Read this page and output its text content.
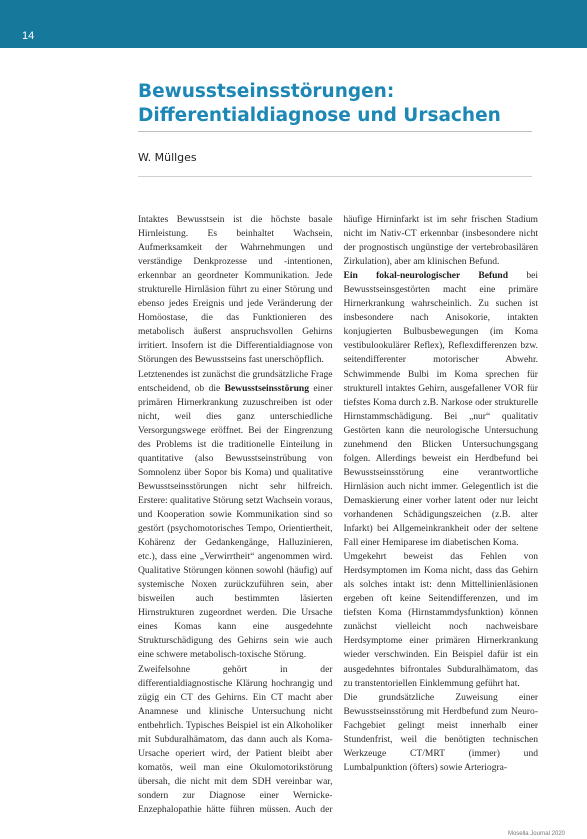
14
Bewusstseinsstörungen:
Differentialdiagnose und Ursachen
W. Müllges

Intaktes Bewusstsein ist die höchste basale Hirnleistung. Es beinhaltet Wachsein, Aufmerksamkeit der Wahrnehmungen und verständige Denkprozesse und -intentionen, erkennbar an geordneter Kommunikation. Jede strukturelle Hirnläsion führt zu einer Störung und ebenso jedes Ereignis und jede Veränderung der Homöostase, die das Funktionieren des metabolisch äußerst anspruchsvollen Gehirns irritiert. Insofern ist die Differentialdiagnose von Störungen des Bewusstseins fast unerschöpflich.

Letztenendes ist zunächst die grundsätzliche Frage entscheidend, ob die Bewusstseinsstörung einer primären Hirnerkrankung zuzuschreiben ist oder nicht, weil dies ganz unterschiedliche Versorgungswege eröffnet. Bei der Eingrenzung des Problems ist die traditionelle Einteilung in quantitative (also Bewusstseinstrübung von Somnolenz über Sopor bis Koma) und qualitative Bewusstseinsstörungen nicht sehr hilfreich. Erstere: qualitative Störung setzt Wachsein voraus, und Kooperation sowie Kommunikation sind so gestört (psychomotorisches Tempo, Orientiertheit, Kohärenz der Gedankengänge, Halluzinieren, etc.), dass eine „Verwirrtheit“ angenommen wird. Qualitative Störungen können sowohl (häufig) auf systemische Noxen zurückzuführen sein, aber bisweilen auch bestimmten läsierten Hirnstrukturen zugeordnet werden. Die Ursache eines Komas kann eine ausgedehnte Strukturschädigung des Gehirns sein wie auch eine schwere metabolisch-toxische Störung.

Zweifelsohne gehört in der differentialdiagnostische Klärung hochrangig und zügig ein CT des Gehirns. Ein CT macht aber Anamnese und klinische Untersuchung nicht entbehrlich. Typisches Beispiel ist ein Alkoholiker mit Subduralhämatom, das dann auch als Koma-Ursache operiert wird, der Patient bleibt aber komatös, weil man eine Okulomotorikstörung übersah, die nicht mit dem SDH vereinbar war, sondern zur Diagnose einer Wernicke-Enzephalopathie hätte führen müssen. Auch der häufige Hirninfarkt ist im sehr frischen Stadium nicht im Nativ-CT erkennbar (insbesondere nicht der prognostisch ungünstige der vertebrobasilären Zirkulation), aber am klinischen Befund.

Ein fokal-neurologischer Befund bei Bewusstseinsgestörten macht eine primäre Hirnerkrankung wahrscheinlich. Zu suchen ist insbesondere nach Anisokorie, intakten konjugierten Bulbusbewegungen (im Koma vestibulookulärer Reflex), Reflexdifferenzen bzw. seitendifferenter motorischer Abwehr. Schwimmende Bulbi im Koma sprechen für strukturell intaktes Gehirn, ausgefallener VOR für tiefstes Koma durch z.B. Narkose oder strukturelle Hirnstammschädigung. Bei „nur“ qualitativ Gestörten kann die neurologische Untersuchung zunehmend den Blicken Untersuchungsgang folgen. Allerdings beweist ein Herdbefund bei Bewusstseinsstörung eine verantwortliche Hirnläsion auch nicht immer. Gelegentlich ist die Demaskierung einer vorher latent oder nur leicht vorhandenen Schädigungszeichen (z.B. alter Infarkt) bei Allgemeinkrankheit oder der seltene Fall einer Hemiparese im diabetischen Koma.

Umgekehrt beweist das Fehlen von Herdsymptomen im Koma nicht, dass das Gehirn als solches intakt ist: denn Mittellinienläsionen ergeben oft keine Seitendifferenzen, und im tiefsten Koma (Hirnstammdysfunktion) können zunächst vielleicht noch nachweisbare Herdsymptome einer primären Hirnerkrankung wieder verschwinden. Ein Beispiel dafür ist ein ausgedehntes bifrontales Subduralhämatom, das zu transtentoriellen Einklemmung geführt hat.

Die grundsätzliche Zuweisung einer Bewusstseinsstörung mit Herdbefund zum Neuro-Fachgebiet gelingt meist innerhalb einer Stundenfrist, weil die benötigten technischen Werkzeuge CT/MRT (immer) und Lumbalpunktion (öfters) sowie Arteriogra-

Mosella Journal 2020
